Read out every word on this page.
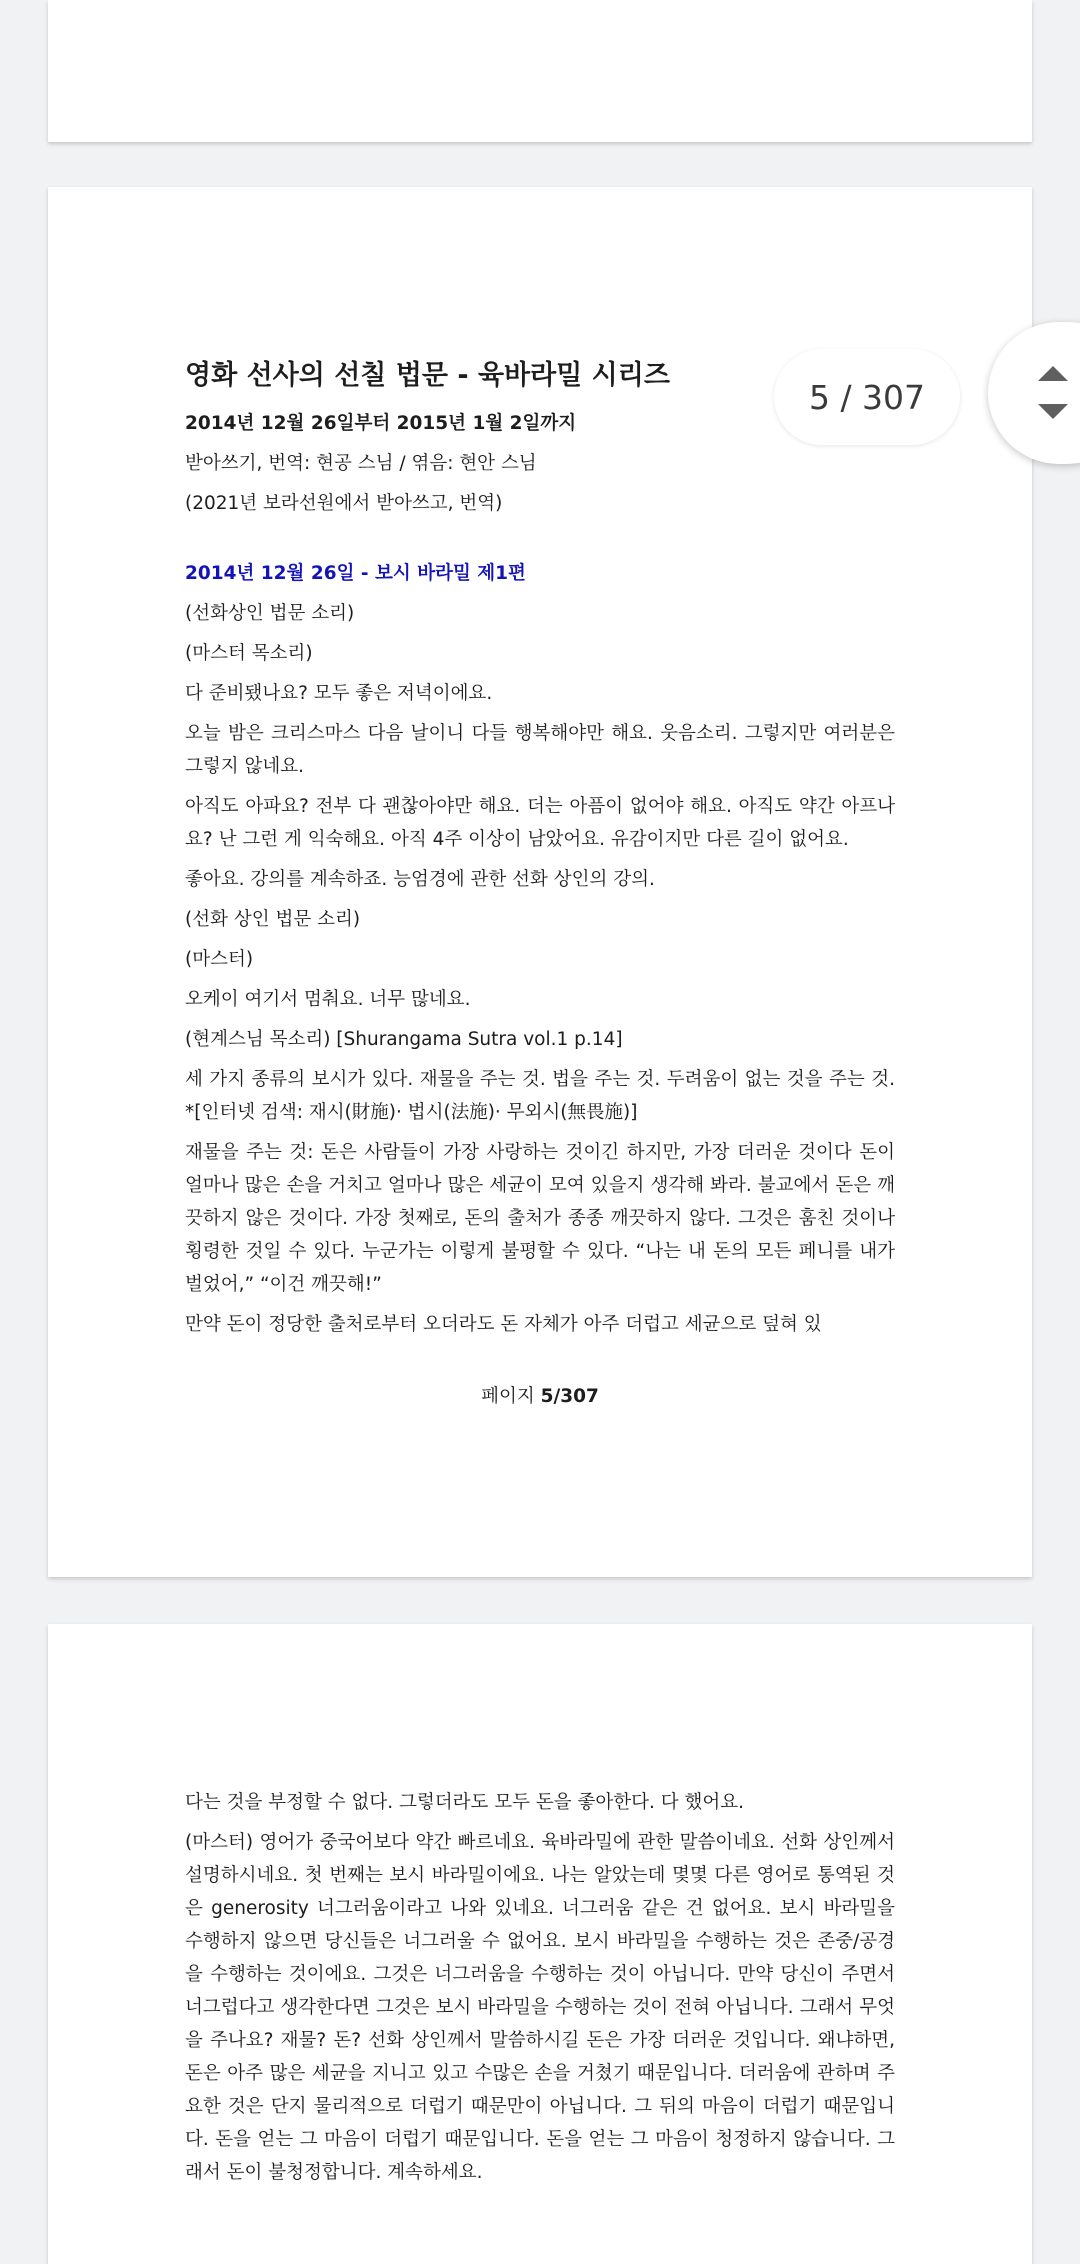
영화 선사의 선칠 법문 - 육바라밀 시리즈

2014년 12월 26일부터 2015년 1월 2일까지

받아쓰기, 번역: 현공 스님 / 엮음: 현안 스님

(2021년 보라선원에서 받아쓰고, 번역)

2014년 12월 26일 - 보시 바라밀 제1편

(선화상인 법문 소리)

(마스터 목소리)

다 준비됐나요? 모두 좋은 저녁이에요.

오늘 밤은 크리스마스 다음 날이니 다들 행복해야만 해요. 웃음소리. 그렇지만 여러분은 그렇지 않네요.

아직도 아파요? 전부 다 괜찮아야만 해요. 더는 아픔이 없어야 해요. 아직도 약간 아프나요? 난 그런 게 익숙해요. 아직 4주 이상이 남았어요. 유감이지만 다른 길이 없어요.

좋아요. 강의를 계속하죠. 능엄경에 관한 선화 상인의 강의.

(선화 상인 법문 소리)

(마스터)

오케이 여기서 멈춰요. 너무 많네요.

(현계스님 목소리) [Shurangama Sutra vol.1 p.14]

세 가지 종류의 보시가 있다. 재물을 주는 것. 법을 주는 것. 두려움이 없는 것을 주는 것. *[인터넷 검색: 재시(財施)· 법시(法施)· 무외시(無畏施)]

재물을 주는 것: 돈은 사람들이 가장 사랑하는 것이긴 하지만, 가장 더러운 것이다 돈이 얼마나 많은 손을 거치고 얼마나 많은 세균이 모여 있을지 생각해 봐라. 불교에서 돈은 깨끗하지 않은 것이다. 가장 첫째로, 돈의 출처가 종종 깨끗하지 않다. 그것은 훔친 것이나 횡령한 것일 수 있다. 누군가는 이렇게 불평할 수 있다. “나는 내 돈의 모든 페니를 내가 벌었어,” “이건 깨끗해!”

만약 돈이 정당한 출처로부터 오더라도 돈 자체가 아주 더럽고 세균으로 덮혀 있

페이지 5/307

다는 것을 부정할 수 없다. 그렇더라도 모두 돈을 좋아한다. 다 했어요.

(마스터) 영어가 중국어보다 약간 빠르네요. 육바라밀에 관한 말씀이네요. 선화 상인께서 설명하시네요. 첫 번째는 보시 바라밀이에요. 나는 알았는데 몇몇 다른 영어로 통역된 것은 generosity 너그러움이라고 나와 있네요. 너그러움 같은 건 없어요. 보시 바라밀을 수행하지 않으면 당신들은 너그러울 수 없어요. 보시 바라밀을 수행하는 것은 존중/공경을 수행하는 것이에요. 그것은 너그러움을 수행하는 것이 아닙니다. 만약 당신이 주면서 너그럽다고 생각한다면 그것은 보시 바라밀을 수행하는 것이 전혀 아닙니다. 그래서 무엇을 주나요? 재물? 돈? 선화 상인께서 말씀하시길 돈은 가장 더러운 것입니다. 왜냐하면, 돈은 아주 많은 세균을 지니고 있고 수많은 손을 거쳤기 때문입니다. 더러움에 관하며 주요한 것은 단지 물리적으로 더럽기 때문만이 아닙니다. 그 뒤의 마음이 더럽기 때문입니다. 돈을 얻는 그 마음이 더럽기 때문입니다. 돈을 얻는 그 마음이 청정하지 않습니다. 그래서 돈이 불청정합니다. 계속하세요.

5 / 307
